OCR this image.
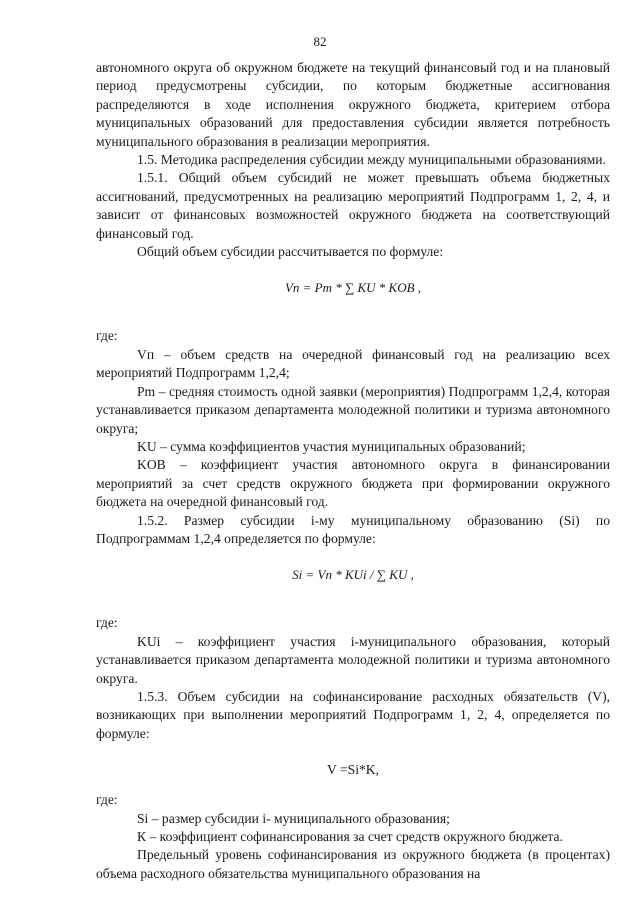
82

автономного округа об окружном бюджете на текущий финансовый год и на плановый период предусмотрены субсидии, по которым бюджетные ассигнования распределяются в ходе исполнения окружного бюджета, критерием отбора муниципальных образований для предоставления субсидии является потребность муниципального образования в реализации мероприятия.

1.5. Методика распределения субсидии между муниципальными образованиями.

1.5.1. Общий объем субсидий не может превышать объема бюджетных ассигнований, предусмотренных на реализацию мероприятий Подпрограмм 1, 2, 4, и зависит от финансовых возможностей окружного бюджета на соответствующий финансовый год.

Общий объем субсидии рассчитывается по формуле:

Vп = Pm * ∑ KU * KОВ ,

где:

Vп – объем средств на очередной финансовый год на реализацию всех мероприятий Подпрограмм 1,2,4;

Pm – средняя стоимость одной заявки (мероприятия) Подпрограмм 1,2,4, которая устанавливается приказом департамента молодежной политики и туризма автономного округа;

KU – сумма коэффициентов участия муниципальных образований;

KОВ – коэффициент участия автономного округа в финансировании мероприятий за счет средств окружного бюджета при формировании окружного бюджета на очередной финансовый год.

1.5.2. Размер субсидии i-му муниципальному образованию (Si) по Подпрограммам 1,2,4 определяется по формуле:

Si = Vп * KUi / ∑ KU ,

где:

KUi – коэффициент участия i-муниципального образования, который устанавливается приказом департамента молодежной политики и туризма автономного округа.

1.5.3. Объем субсидии на софинансирование расходных обязательств (V), возникающих при выполнении мероприятий Подпрограмм 1, 2, 4, определяется по формуле:

V =Si*K,

где:

Si – размер субсидии i- муниципального образования;

К – коэффициент софинансирования за счет средств окружного бюджета.

Предельный уровень софинансирования из окружного бюджета (в процентах) объема расходного обязательства муниципального образования на
